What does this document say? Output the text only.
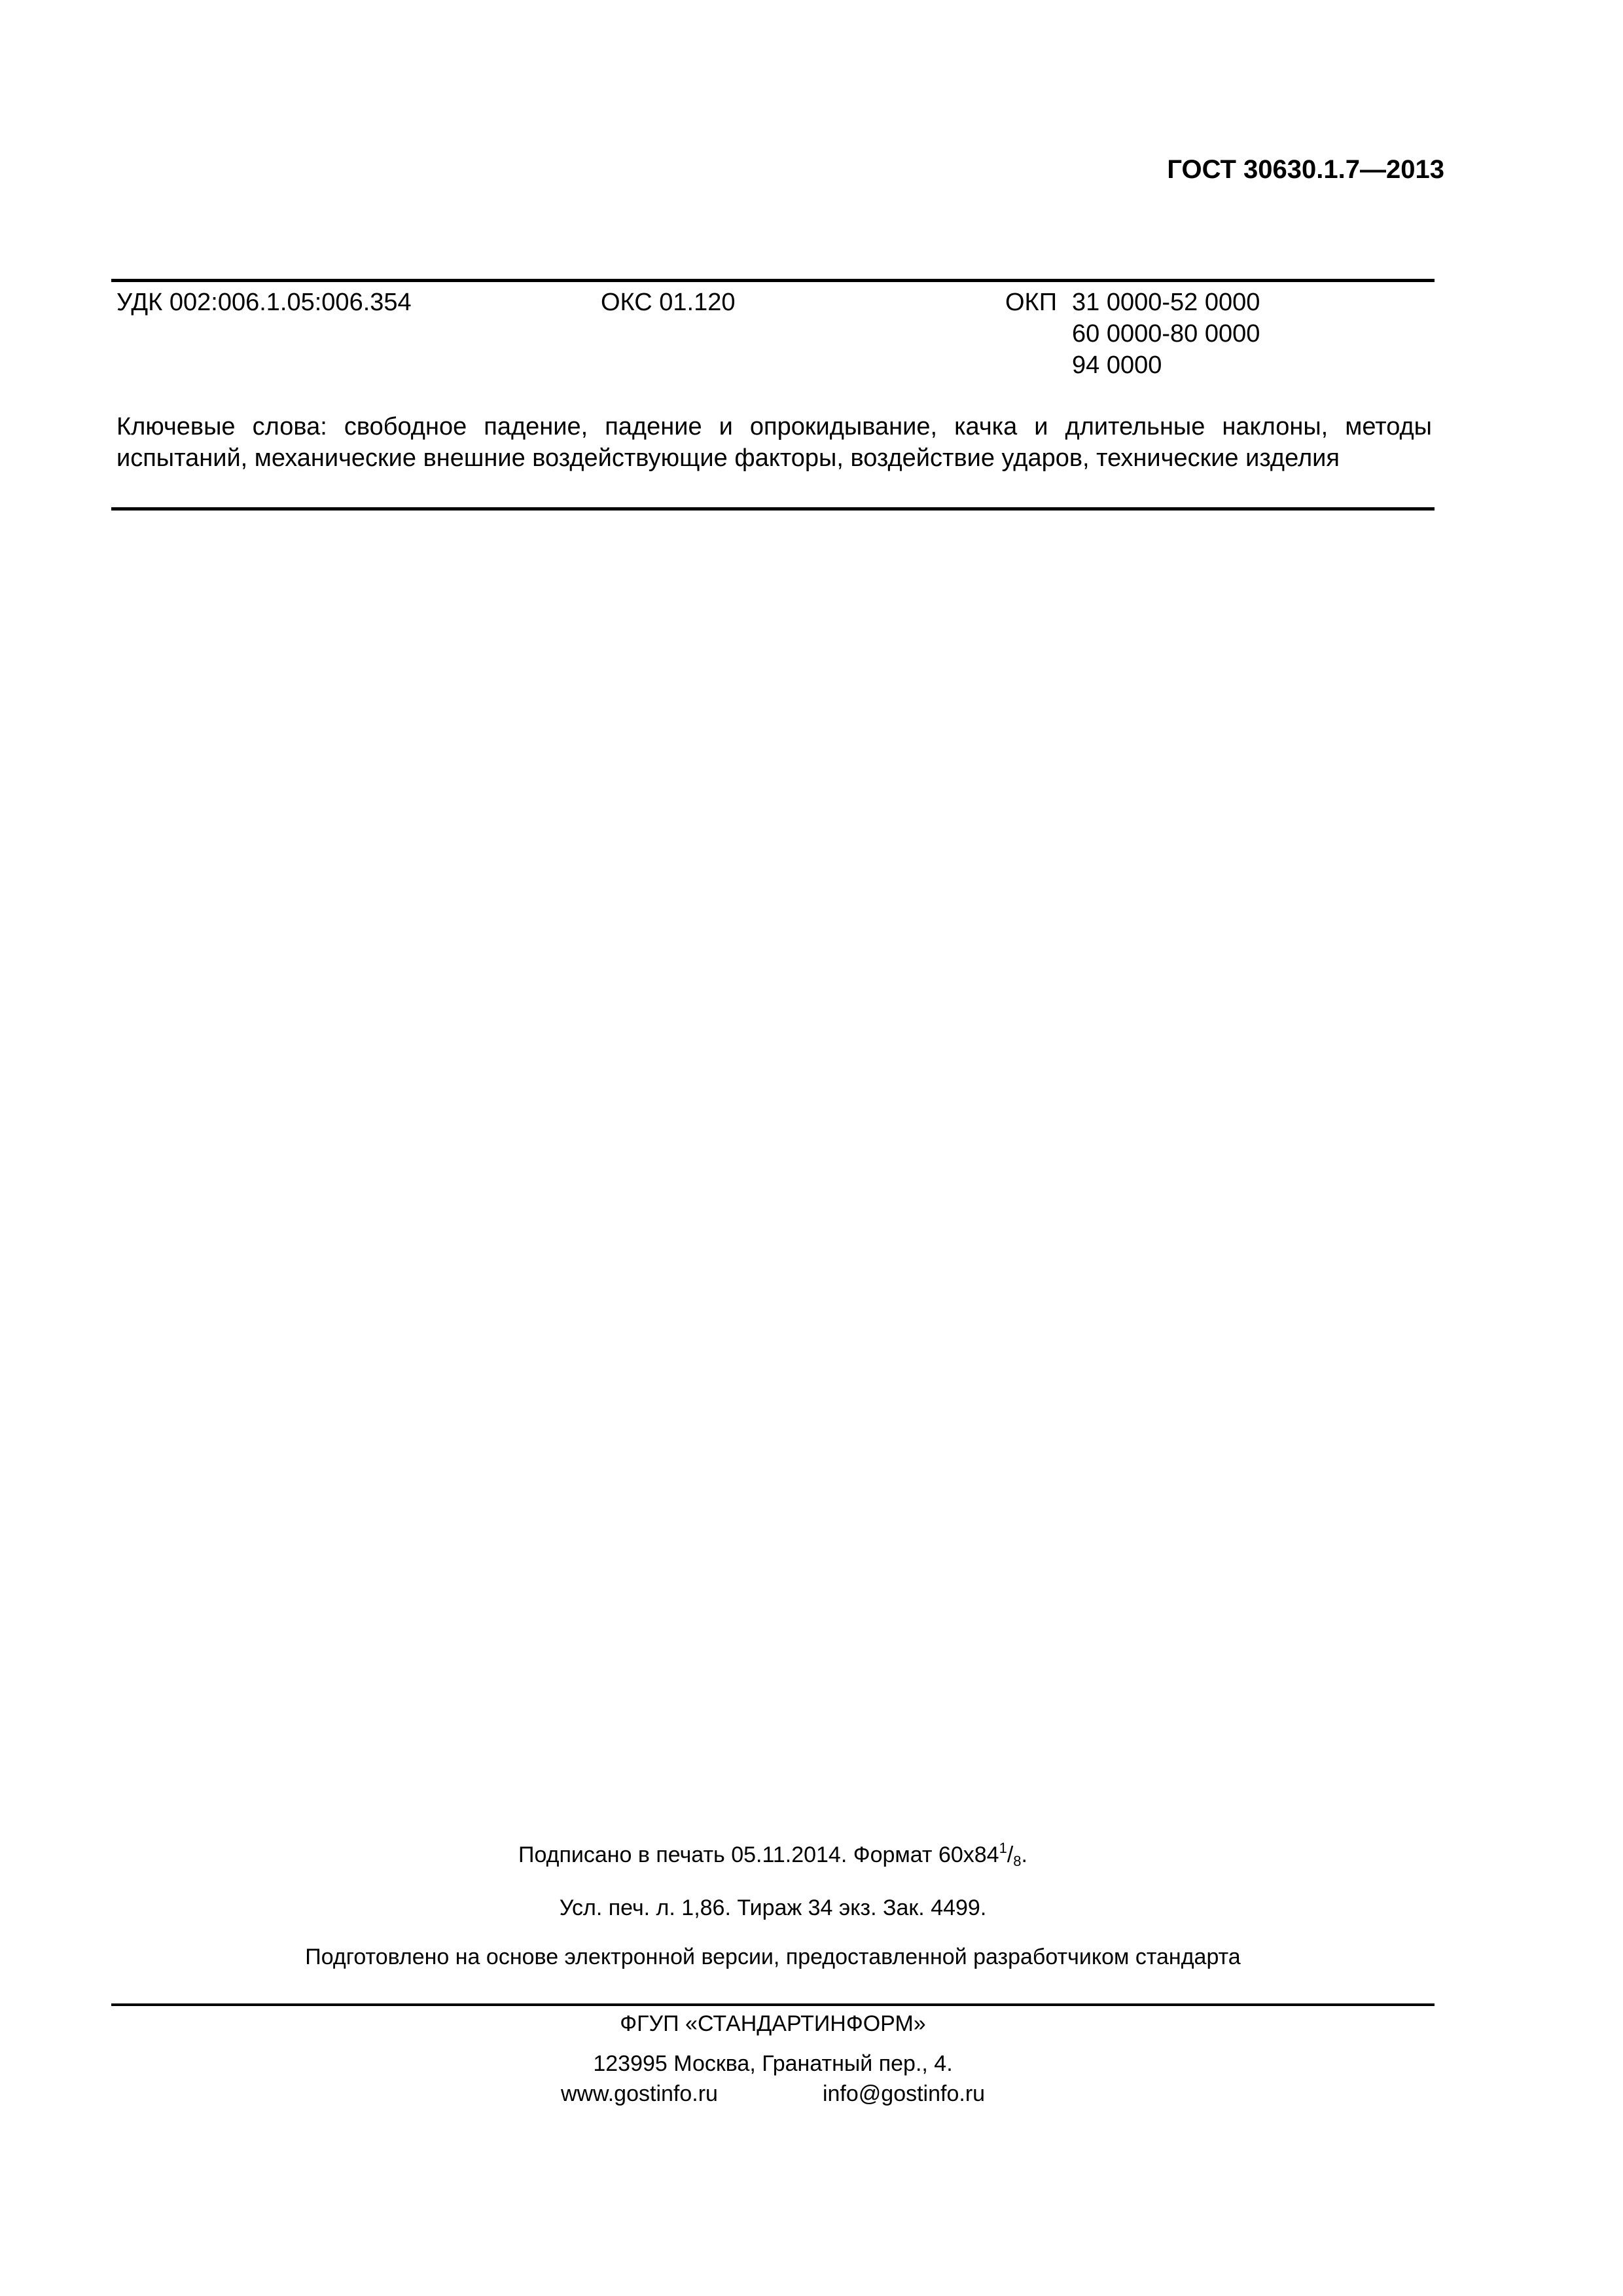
ГОСТ 30630.1.7—2013
УДК 002:006.1.05:006.354	ОКС 01.120	ОКП 31 0000-52 0000
60 0000-80 0000
94 0000
Ключевые слова: свободное падение, падение и опрокидывание, качка и длительные наклоны, методы испытаний, механические внешние воздействующие факторы, воздействие ударов, технические изделия
Подписано в печать 05.11.2014. Формат $60x84^1/_8$.
Усл. печ. л. 1,86. Тираж 34 экз. Зак. 4499.
Подготовлено на основе электронной версии, предоставленной разработчиком стандарта
ФГУП «СТАНДАРТИНФОРМ»
123995 Москва, Гранатный пер., 4.
www.gostinfo.ru	info@gostinfo.ru
